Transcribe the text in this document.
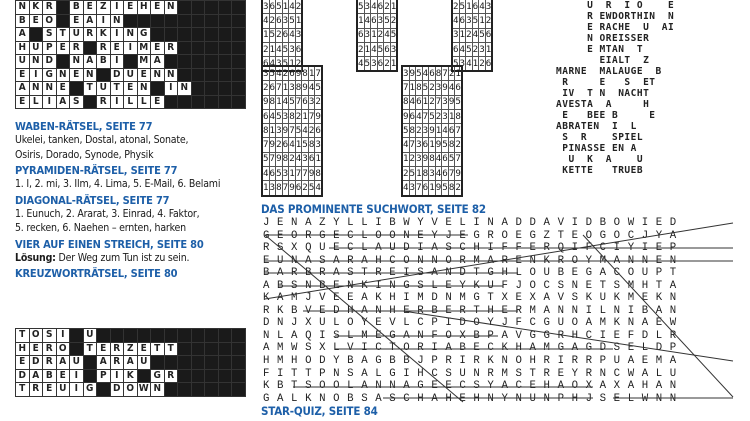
N	K	R		B	E	Z	I	E	H	E	N					
B	E	O		E	A	I	N									
A		S	T	U	R	K	I	N	G							
H	U	P	E	R		R	E	I	M	E	R					
U	N	D		N	A	B	I		M	A						
E	I	G	N	E	N		D	U	E	N	N					
A	N	N	E		T	U	T	E	N		I	N				
E	L	I	A	S		R	I	L	L	E						
WABEN-RÄTSEL, SEITE 77
Ukelei, tanken, Dostal, atonal, Sonate,
Osiris, Dorado, Synode, Physik
PYRAMIDEN-RÄTSEL, SEITE 77
1. I, 2. mi, 3. Ilm, 4. Lima, 5. E-Mail, 6. Belami
DIAGONAL-RÄTSEL, SEITE 77
1. Eunuch, 2. Ararat, 3. Einrad, 4. Faktor,
5. recken, 6. Naehen – ernten, harken
VIER AUF EINEN STREICH, SEITE 80
Lösung: Der Weg zum Tun ist zu sein.
KREUZWORTRÄTSEL, SEITE 80
T	O	S	I		U											
H	E	R	O		T	E	R	Z	E	T	T					
E	D	R	A	U		A	R	A	U							
D	A	B	E	I		P	I	K		G	R					
T	R	E	U	I	G		D	O	W	N						
3	6	5	1	4	2
4	2	6	3	5	1
1	5	2	6	4	3
2	1	4	5	3	6
6	4	3	5	1	2
5	3	4	6	2	1
1	4	6	3	5	2
6	3	1	2	4	5
2	1	4	5	6	3
4	5	3	6	2	1
2	5	1	6	4	3
4	6	3	5	1	2
3	1	2	4	5	6
6	4	5	2	3	1
5	3	4	1	2	6
3	5	4	2	6	9	8	1	7
2	6	7	1	3	8	9	4	5
9	8	1	4	5	7	6	3	2
6	4	5	3	8	2	1	7	9
8	1	3	9	7	5	4	2	6
7	9	2	6	4	1	5	8	3
5	7	9	8	2	4	3	6	1
4	6	5	3	1	7	7	9	8
1	3	8	7	9	6	2	5	4
3	9	5	4	6	8	7	2	1
7	1	8	5	2	3	9	4	6
8	4	6	1	2	7	3	9	5
9	6	4	7	5	2	3	1	8
5	8	2	3	9	1	4	6	7
4	7	3	6	1	9	5	8	2
1	2	3	9	8	4	6	5	7
2	5	1	8	3	4	6	7	9
4	3	7	6	1	9	5	8	2
U  R  I O    E
R EWDORTHIN  N
E RACHE  U  AI
N OREISSER
E MTAN  T
EIALT  Z
MARNE  MALAUGE  B
R     E   S  ET
IV  T N  NACHT
AVESTA  A     H
E   BEE B     E
ABRATEN  I  L
S  R    SPIEL
PINASSE EN A
U  K  A    U
KETTE   TRUEB
DAS PROMINENTE SUCHWORT, SEITE 82
J E N A Z Y L L I B W Y V E L I N A D D A V I D B O W I E D
G E O R G E C L O O N E Y J E G R O E G Z T E O G O C J Y A
R S X Q U E C L A U D I A S C H I F F E R Q I F C I Y I E P
E U N A S A R A H C O N N O R M A R E N K R O Y M A N N E N
B A R B R A S T R E I S A N D T G H L O U B E G A C O U P T
A B S N B E N K I N G S L E Y K U F J O C S N E T S M H T A
K A M J V E E A K H I M D N M G T X E X A V S K U K M E K N
R K B V E D H A N H E R B E R T H E R M A N N I L N I B A N
D N J X U L O Y E V L C P I D O Y J F C G U O A M K N A E W
N L A Q I S L M E G A N F O X B P A V G G R H C I E F D L R
A M W S X L V I C T O R I A B E C K H A M G A G D S E L D P
H M H O D Y B A G B B J P R I R K N O H R I R R P U A E M A
F I T T P N S A L G I H C S U N R M S T R E Y R N C W A L U
K B T S O O L A N N A G E E C S Y A C E H A O X A X A H A N
G A L K N O B S A S C H A H E H N Y N U N P H J S E L W N N
STAR-QUIZ, SEITE 84
